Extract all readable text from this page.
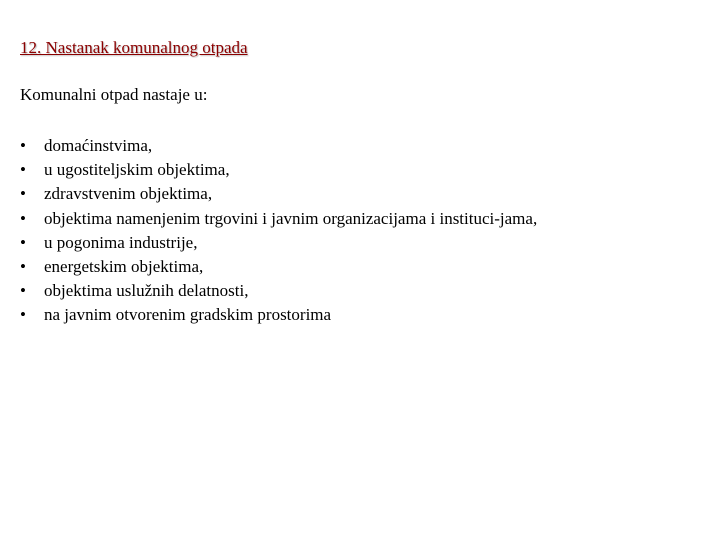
12. Nastanak komunalnog otpada
Komunalni otpad nastaje u:
•	domaćinstvima,
•	u ugostiteljskim objektima,
•	zdravstvenim objektima,
•	objektima namenjenim trgovini i javnim organizacijama i instituci-jama,
•	u pogonima industrije,
•	energetskim objektima,
•	objektima uslužnih delatnosti,
•	na javnim otvorenim gradskim prostorima
